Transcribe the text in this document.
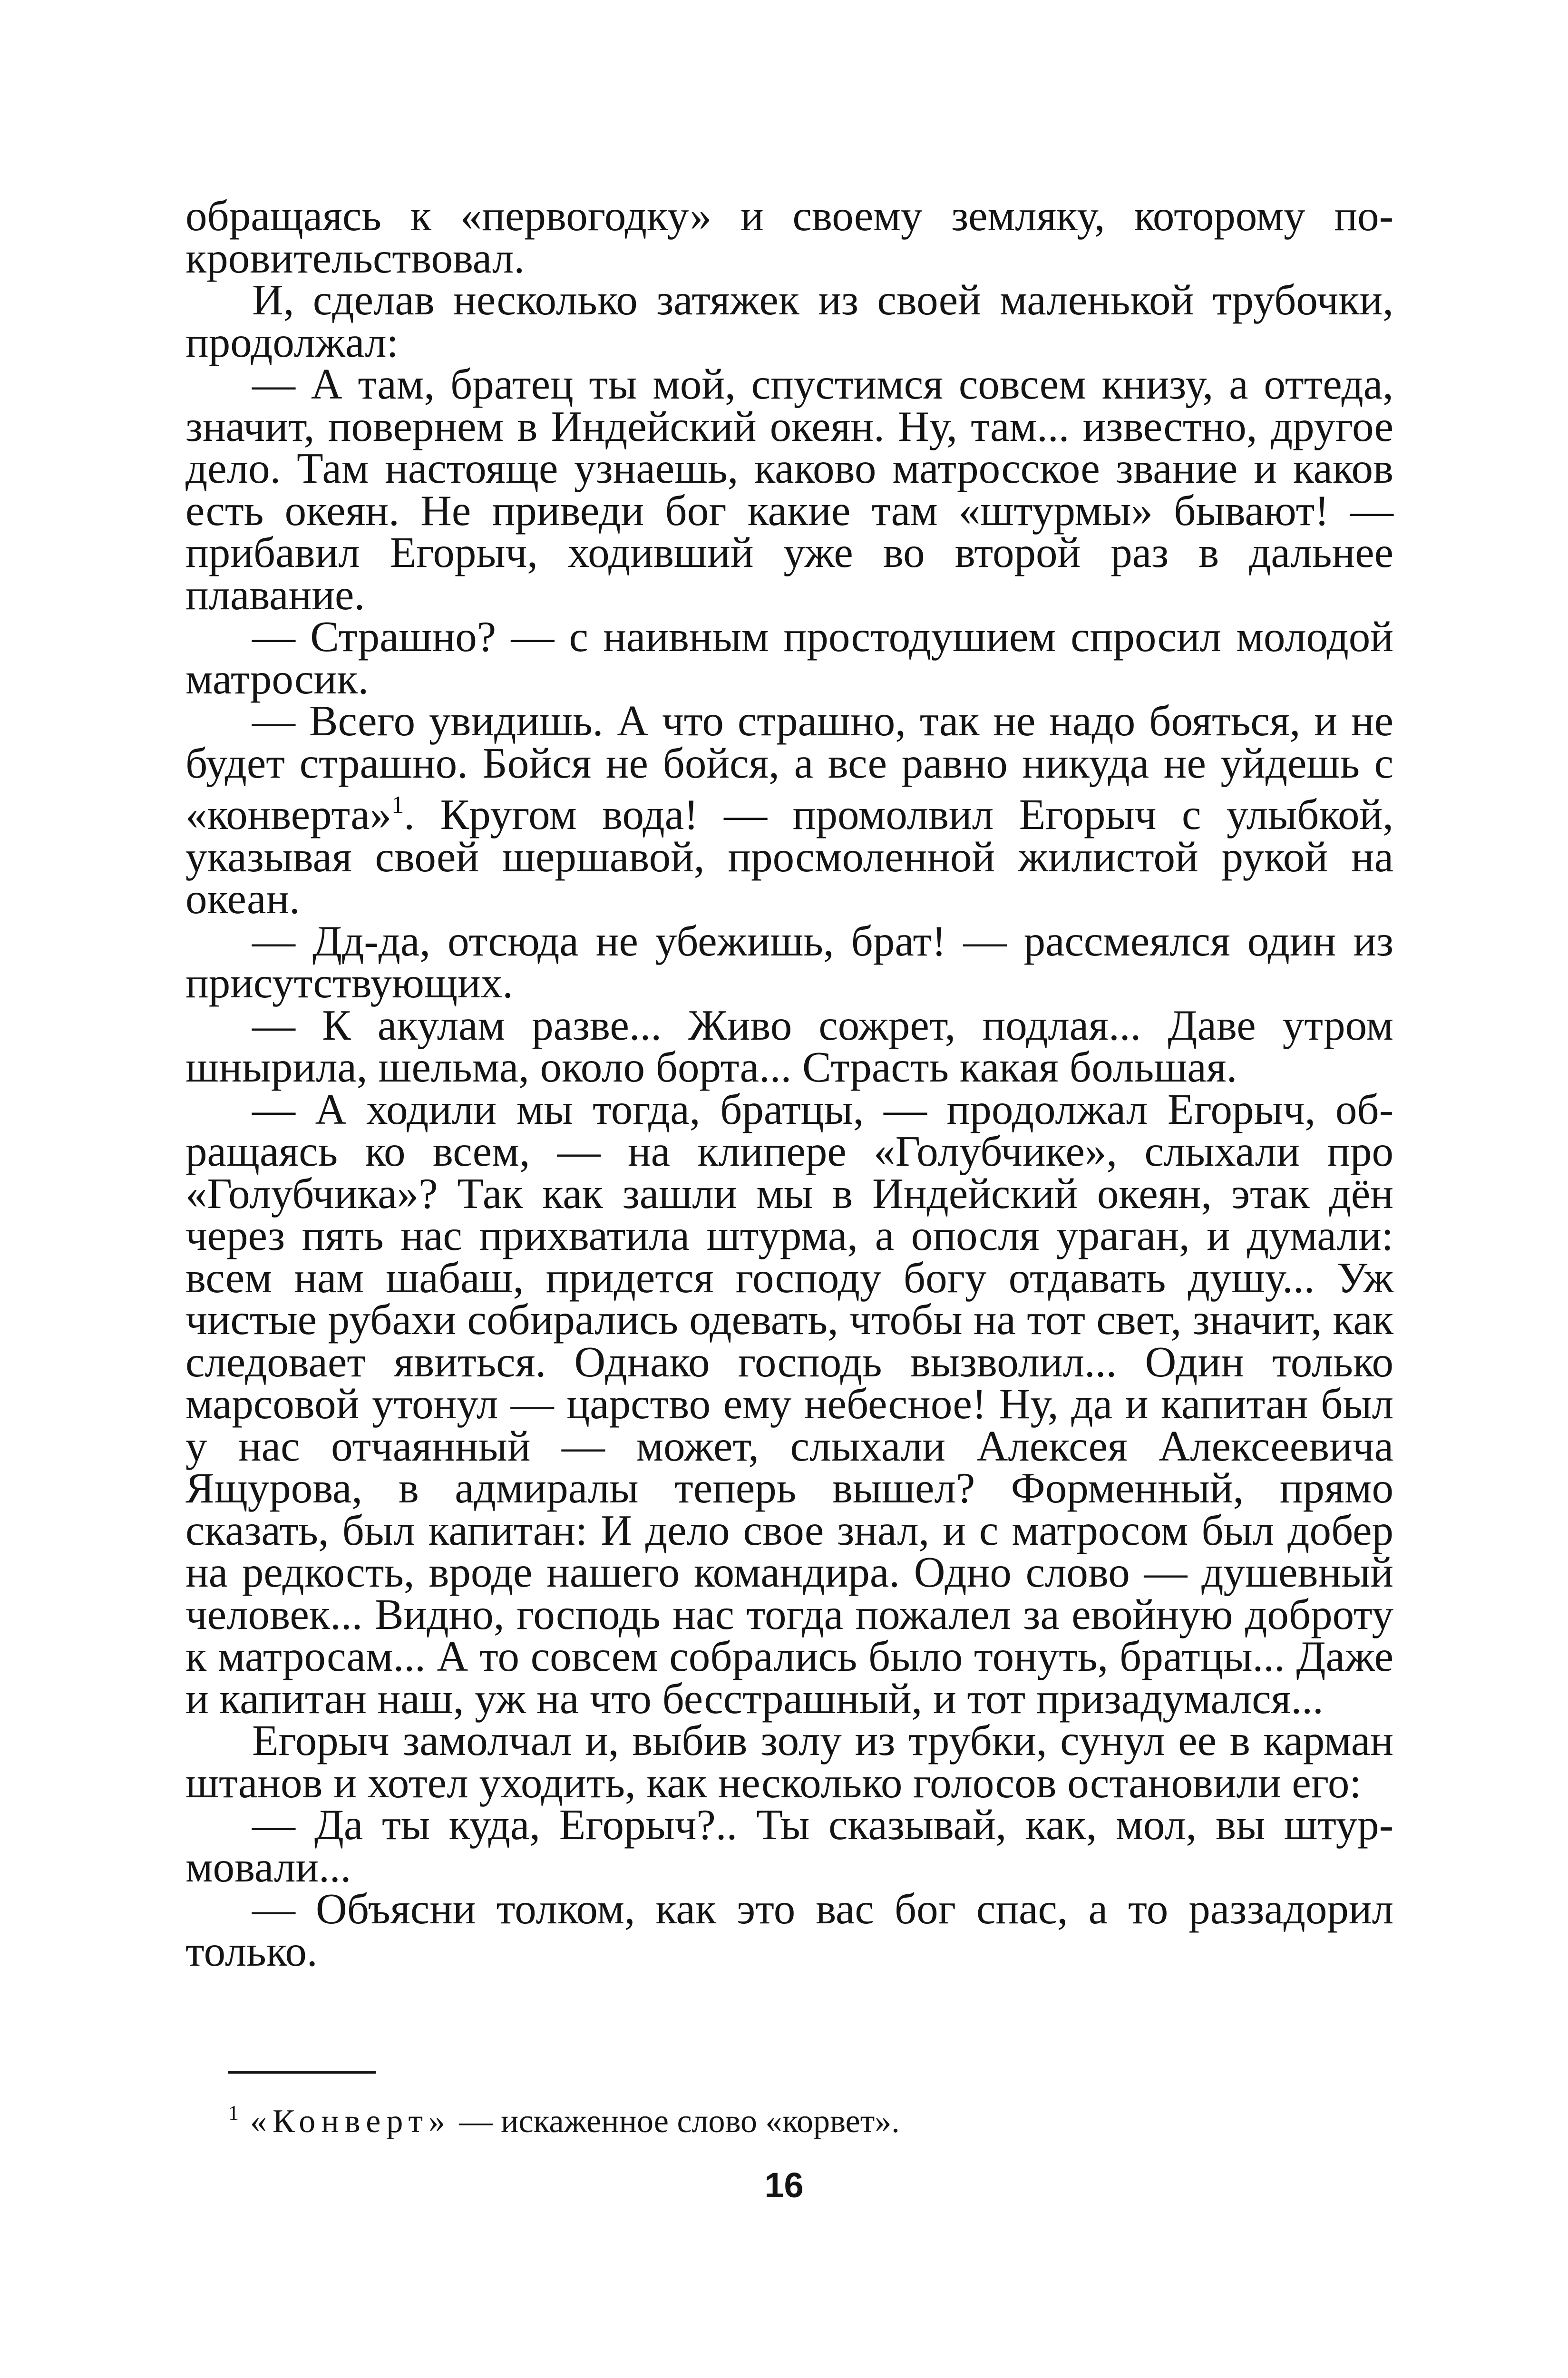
обращаясь к «первогодку» и своему земляку, которому покровительствовал.

И, сделав несколько затяжек из своей маленькой трубочки, продолжал:

— А там, братец ты мой, спустимся совсем книзу, а оттеда, значит, повернем в Индейский океян. Ну, там... известно, другое дело. Там настояще узнаешь, каково матросское звание и каков есть океян. Не приведи бог какие там «штурмы» бывают! — прибавил Егорыч, ходивший уже во второй раз в дальнее плавание.

— Страшно? — с наивным простодушием спросил молодой матросик.

— Всего увидишь. А что страшно, так не надо бояться, и не будет страшно. Бойся не бойся, а все равно никуда не уйдешь с «конверта»$^1$. Кругом вода! — промолвил Егорыч с улыбкой, указывая своей шершавой, просмоленной жилистой рукой на океан.

— Дд-да, отсюда не убежишь, брат! — рассмеялся один из присутствующих.

— К акулам разве... Живо сожрет, подлая... Даве утром шнырила, шельма, около борта... Страсть какая большая.

— А ходили мы тогда, братцы, — продолжал Егорыч, обращаясь ко всем, — на клипере «Голубчике», слыхали про «Голубчика»? Так как зашли мы в Индейский океян, этак дён через пять нас прихватила штурма, а опосля ураган, и думали: всем нам шабаш, придется господу богу отдавать душу... Уж чистые рубахи собирались одевать, чтобы на тот свет, значит, как следовает явиться. Однако господь вызволил... Один только марсовой утонул — царство ему небесное! Ну, да и капитан был у нас отчаянный — может, слыхали Алексея Алексеевича Ящурова, в адмиралы теперь вышел? Форменный, прямо сказать, был капитан: И дело свое знал, и с матросом был добер на редкость, вроде нашего командира. Одно слово — душевный человек... Видно, господь нас тогда пожалел за евойную доброту к матросам... А то совсем собрались было тонуть, братцы... Даже и капитан наш, уж на что бесстрашный, и тот призадумался...

Егорыч замолчал и, выбив золу из трубки, сунул ее в карман штанов и хотел уходить, как несколько голосов остановили его:

— Да ты куда, Егорыч?.. Ты сказывай, как, мол, вы штурмовали...

— Объясни толком, как это вас бог спас, а то раззадорил только.

$^1$ «Конверт» — искаженное слово «корвет».

16
